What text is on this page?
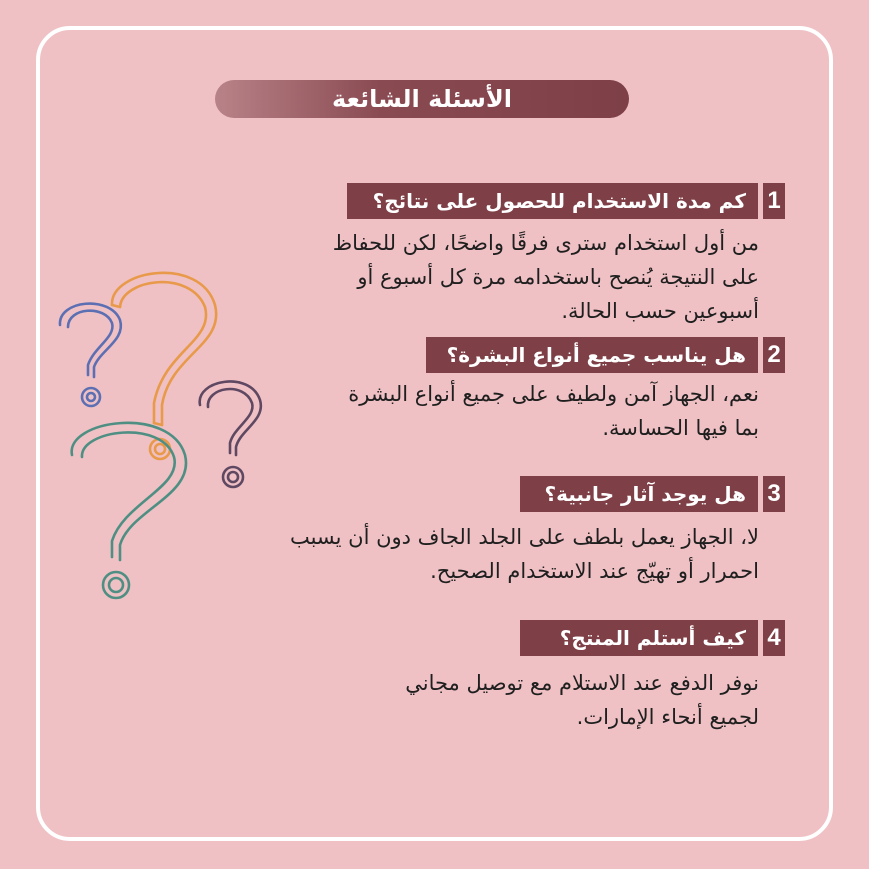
الأسئلة الشائعة
1
كم مدة الاستخدام للحصول على نتائج؟
من أول استخدام سترى فرقًا واضحًا، لكن للحفاظ
على النتيجة يُنصح باستخدامه مرة كل أسبوع أو
أسبوعين حسب الحالة.
2
هل يناسب جميع أنواع البشرة؟
نعم، الجهاز آمن ولطيف على جميع أنواع البشرة
بما فيها الحساسة.
3
هل يوجد آثار جانبية؟
لا، الجهاز يعمل بلطف على الجلد الجاف دون أن يسبب
احمرار أو تهيّج عند الاستخدام الصحيح.
4
كيف أستلم المنتج؟
نوفر الدفع عند الاستلام مع توصيل مجاني
لجميع أنحاء الإمارات.
